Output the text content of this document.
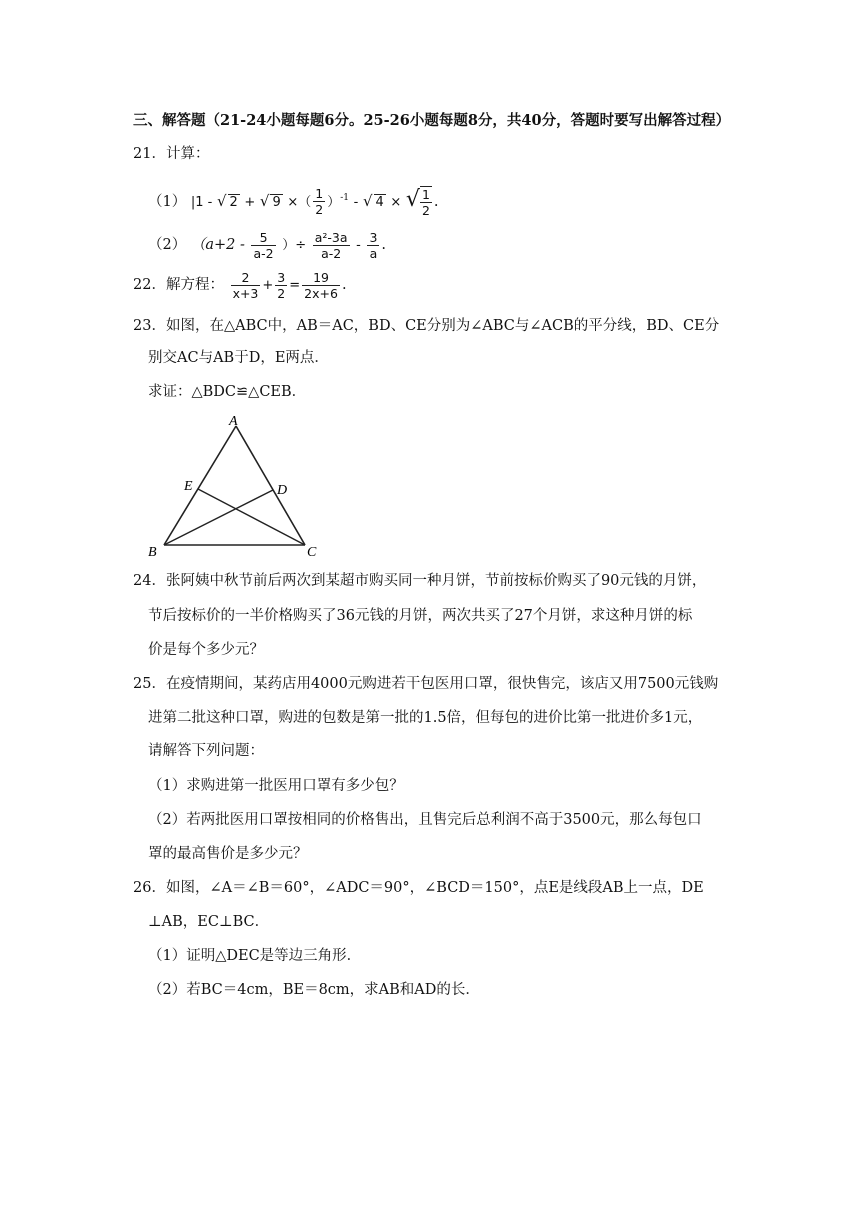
三、解答题（21-24小题每题6分。25-26小题每题8分，共40分，答题时要写出解答过程）
21．计算：
（1） |1 - √ 2 + √ 9 ×（ $\frac{1}{2} )^{-1}$ - √ 4 × √ $\frac{1}{2}$ .
（2） （$a+2 - \frac{5}{a-2}$ ）÷ $\frac{\text{a²-3a}}{a-2} - \frac{3}{a}$ .
22．解方程： $\frac{2}{x+3} + \frac{3}{2} = \frac{19}{2x+6}$ .
23．如图，在△ABC中，AB＝AC，BD、CE分别为∠ABC与∠ACB的平分线，BD、CE分
别交AC与AB于D，E两点．
求证：△BDC≌△CEB．
A
E	D
B	C
24．张阿姨中秋节前后两次到某超市购买同一种月饼，节前按标价购买了90元钱的月饼，
节后按标价的一半价格购买了36元钱的月饼，两次共买了27个月饼，求这种月饼的标
价是每个多少元？
25．在疫情期间，某药店用4000元购进若干包医用口罩，很快售完，该店又用7500元钱购
进第二批这种口罩，购进的包数是第一批的1.5倍，但每包的进价比第一批进价多1元，
请解答下列问题：
（1）求购进第一批医用口罩有多少包？
（2）若两批医用口罩按相同的价格售出，且售完后总利润不高于3500元，那么每包口
罩的最高售价是多少元？
26．如图，∠A＝∠B＝60°，∠ADC＝90°，∠BCD＝150°，点E是线段AB上一点，DE
⊥AB，EC⊥BC．
（1）证明△DEC是等边三角形．
（2）若BC＝4cm，BE＝8cm，求AB和AD的长．
